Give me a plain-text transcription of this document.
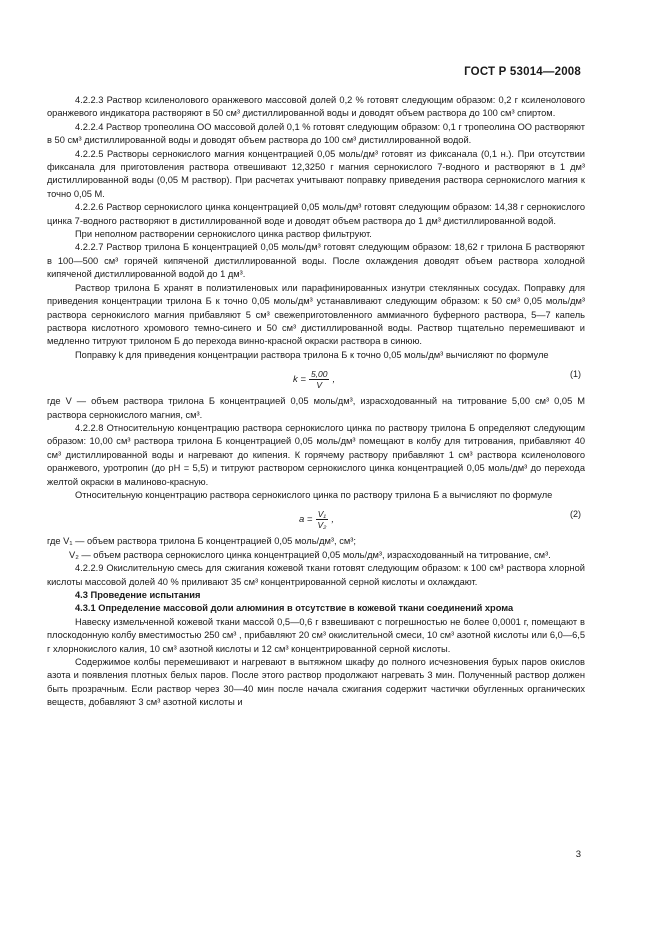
ГОСТ Р 53014—2008

4.2.2.3 Раствор ксиленолового оранжевого массовой долей 0,2 % готовят следующим образом: 0,2 г ксиленолового оранжевого индикатора растворяют в 50 см³ дистиллированной воды и доводят объем раствора до 100 см³ спиртом.

4.2.2.4 Раствор тропеолина ОО массовой долей 0,1 % готовят следующим образом: 0,1 г тропеолина ОО растворяют в 50 см³ дистиллированной воды и доводят объем раствора до 100 см³ дистиллированной водой.

4.2.2.5 Растворы сернокислого магния концентрацией 0,05 моль/дм³ готовят из фиксанала (0,1 н.). При отсутствии фиксанала для приготовления раствора отвешивают 12,3250 г магния сернокислого 7-водного и растворяют в 1 дм³ дистиллированной воды (0,05 М раствор). При расчетах учитывают поправку приведения раствора сернокислого магния к точно 0,05 М.

4.2.2.6 Раствор сернокислого цинка концентрацией 0,05 моль/дм³ готовят следующим образом: 14,38 г сернокислого цинка 7-водного растворяют в дистиллированной воде и доводят объем раствора до 1 дм³ дистиллированной водой.

При неполном растворении сернокислого цинка раствор фильтруют.

4.2.2.7 Раствор трилона Б концентрацией 0,05 моль/дм³ готовят следующим образом: 18,62 г трилона Б растворяют в 100—500 см³ горячей кипяченой дистиллированной воды. После охлаждения доводят объем раствора холодной кипяченой дистиллированной водой до 1 дм³.

Раствор трилона Б хранят в полиэтиленовых или парафинированных изнутри стеклянных сосудах. Поправку для приведения концентрации трилона Б к точно 0,05 моль/дм³ устанавливают следующим образом: к 50 см³ 0,05 моль/дм³ раствора сернокислого магния прибавляют 5 см³ свежеприготовленного аммиачного буферного раствора, 5—7 капель раствора кислотного хромового темно-синего и 50 см³ дистиллированной воды. Раствор тщательно перемешивают и медленно титруют трилоном Б до перехода винно-красной окраски раствора в синюю.

Поправку k для приведения концентрации раствора трилона Б к точно 0,05 моль/дм³ вычисляют по формуле

$k = \frac{5,00}{V}$ ,	(1)

где V — объем раствора трилона Б концентрацией 0,05 моль/дм³, израсходованный на титрование 5,00 см³ 0,05 М раствора сернокислого магния, см³.

4.2.2.8 Относительную концентрацию раствора сернокислого цинка по раствору трилона Б определяют следующим образом: 10,00 см³ раствора трилона Б концентрацией 0,05 моль/дм³ помещают в колбу для титрования, прибавляют 40 см³ дистиллированной воды и нагревают до кипения. К горячему раствору прибавляют 1 см³ раствора ксиленолового оранжевого, уротропин (до pH = 5,5) и титруют раствором сернокислого цинка концентрацией 0,05 моль/дм³ до перехода желтой окраски в малиново-красную.

Относительную концентрацию раствора сернокислого цинка по раствору трилона Б a вычисляют по формуле

$a = \frac{\text{V₁}}{\text{V₂}}$ ,	(2)

где V₁ — объем раствора трилона Б концентрацией 0,05 моль/дм³, см³;

V₂ — объем раствора сернокислого цинка концентрацией 0,05 моль/дм³, израсходованный на титрование, см³.

4.2.2.9 Окислительную смесь для сжигания кожевой ткани готовят следующим образом: к 100 см³ раствора хлорной кислоты массовой долей 40 % приливают 35 см³ концентрированной серной кислоты и охлаждают.

4.3 Проведение испытания

4.3.1 Определение массовой доли алюминия в отсутствие в кожевой ткани соединений хрома

Навеску измельченной кожевой ткани массой 0,5—0,6 г взвешивают с погрешностью не более 0,0001 г, помещают в плоскодонную колбу вместимостью 250 см³ , прибавляют 20 см³ окислительной смеси, 10 см³ азотной кислоты или 6,0—6,5 г хлорнокислого калия, 10 см³ азотной кислоты и 12 см³ концентрированной серной кислоты.

Содержимое колбы перемешивают и нагревают в вытяжном шкафу до полного исчезновения бурых паров окислов азота и появления плотных белых паров. После этого раствор продолжают нагревать 3 мин. Полученный раствор должен быть прозрачным. Если раствор через 30—40 мин после начала сжигания содержит частички обугленных органических веществ, добавляют 3 см³ азотной кислоты и

3
